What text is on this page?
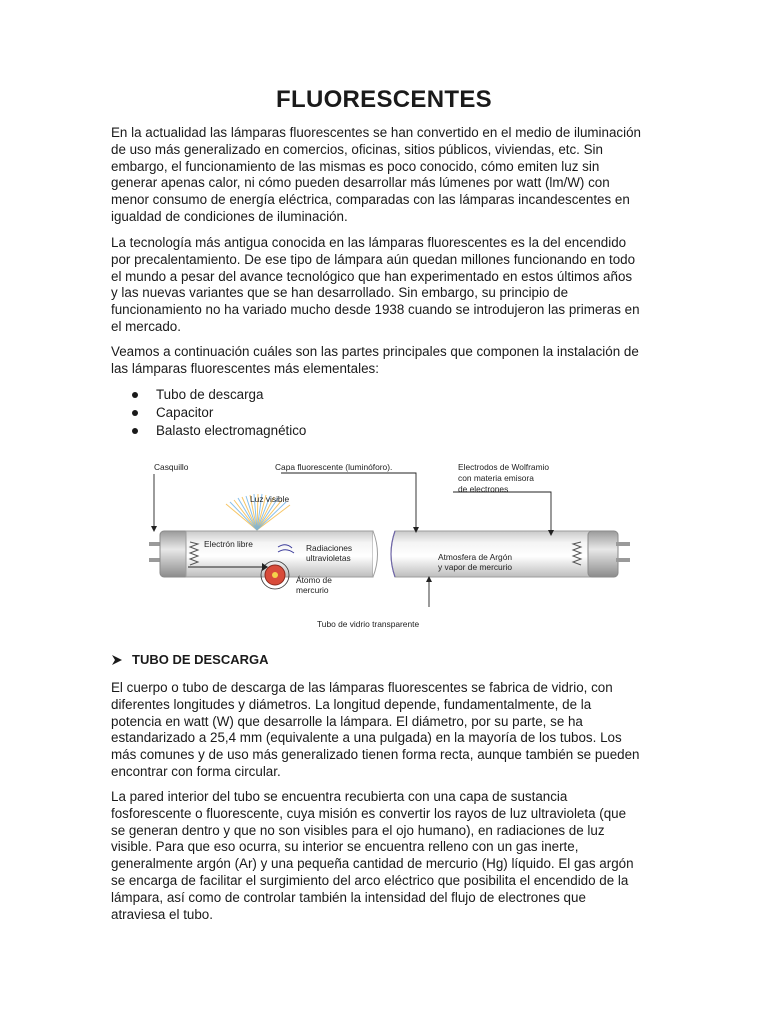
FLUORESCENTES

En la actualidad las lámparas fluorescentes se han convertido en el medio de iluminación de uso más generalizado en comercios, oficinas, sitios públicos, viviendas, etc. Sin embargo, el funcionamiento de las mismas es poco conocido, cómo emiten luz sin generar apenas calor, ni cómo pueden desarrollar más lúmenes por watt (lm/W) con menor consumo de energía eléctrica, comparadas con las lámparas incandescentes en igualdad de condiciones de iluminación.

La tecnología más antigua conocida en las lámparas fluorescentes es la del encendido por precalentamiento. De ese tipo de lámpara aún quedan millones funcionando en todo el mundo a pesar del avance tecnológico que han experimentado en estos últimos años y las nuevas variantes que se han desarrollado. Sin embargo, su principio de funcionamiento no ha variado mucho desde 1938 cuando se introdujeron las primeras en el mercado.

Veamos a continuación cuáles son las partes principales que componen la instalación de las lámparas fluorescentes más elementales:

Tubo de descarga
Capacitor
Balasto electromagnético
TUBO DE DESCARGA

El cuerpo o tubo de descarga de las lámparas fluorescentes se fabrica de vidrio, con diferentes longitudes y diámetros. La longitud depende, fundamentalmente, de la potencia en watt (W) que desarrolle la lámpara. El diámetro, por su parte, se ha estandarizado a 25,4 mm (equivalente a una pulgada) en la mayoría de los tubos. Los más comunes y de uso más generalizado tienen forma recta, aunque también se pueden encontrar con forma circular.

La pared interior del tubo se encuentra recubierta con una capa de sustancia fosforescente o fluorescente, cuya misión es convertir los rayos de luz ultravioleta (que se generan dentro y que no son visibles para el ojo humano), en radiaciones de luz visible. Para que eso ocurra, su interior se encuentra relleno con un gas inerte, generalmente argón (Ar) y una pequeña cantidad de mercurio (Hg) líquido. El gas argón se encarga de facilitar el surgimiento del arco eléctrico que posibilita el encendido de la lámpara, así como de controlar también la intensidad del flujo de electrones que atraviesa el tubo.

Luz visible
Casquillo	Capa fluorescente (luminóforo).	Electrodos de Wolframio
con materia emisora
de electrones
Electrón libre	Radiaciones
ultravioletas
Átomo de
mercurio
Atmosfera de Argón
y vapor de mercurio
Tubo de vidrio transparente
